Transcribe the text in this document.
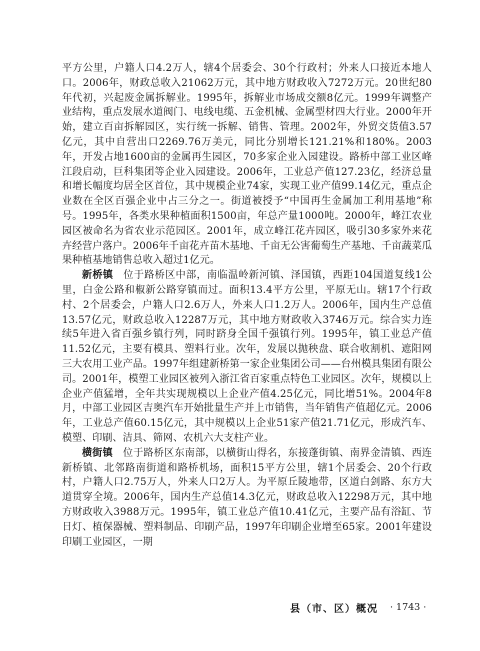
平方公里，户籍人口4.2万人，辖4个居委会、30个行政村；外来人口接近本地人口。2006年，财政总收入21062万元，其中地方财政收入7272万元。20世纪80年代初，兴起废金属拆解业。1995年，拆解业市场成交额8亿元。1999年调整产业结构，重点发展水道阀门、电线电缆、五金机械、金属型材四大行业。2000年开始，建立百亩拆解园区，实行统一拆解、销售、管理。2002年，外贸交货值3.57亿元，其中自营出口2269.76万美元，同比分别增长121.21%和180%。2003年，开发占地1600亩的金属再生园区，70多家企业入园建设。路桥中部工业区峰江段启动，巨科集团等企业入园建设。2006年，工业总产值127.23亿，经济总量和增长幅度均居全区首位，其中规模企业74家，实现工业产值99.14亿元，重点企业数在全区百强企业中占三分之一。街道被授予“中国再生金属加工利用基地”称号。1995年，各类水果种植面积1500亩，年总产量1000吨。2000年，峰江农业园区被命名为省农业示范园区。2001年，成立峰江花卉园区，吸引30多家外来花卉经营户落户。2006年千亩花卉苗木基地、千亩无公害葡萄生产基地、千亩蔬菜瓜果种植基地销售总收入超过1亿元。

新桥镇 位于路桥区中部，南临温岭新河镇、泽国镇，西距104国道复线1公里，白金公路和椒新公路穿镇而过。面积13.4平方公里，平原无山。辖17个行政村、2个居委会，户籍人口2.6万人，外来人口1.2万人。2006年，国内生产总值13.57亿元，财政总收入12287万元，其中地方财政收入3746万元。综合实力连续5年进入省百强乡镇行列，同时跻身全国千强镇行列。1995年，镇工业总产值11.52亿元，主要有模具、塑料行业。次年，发展以抛秧盘、联合收割机、遮阳网三大农用工业产品。1997年组建新桥第一家企业集团公司——台州模具集团有限公司。2001年，模塑工业园区被列入浙江省百家重点特色工业园区。次年，规模以上企业产值猛增，全年共实现规模以上企业产值4.25亿元，同比增51%。2004年8月，中部工业园区吉奥汽车开始批量生产并上市销售，当年销售产值超亿元。2006年，工业总产值60.15亿元，其中规模以上企业51家产值21.71亿元，形成汽车、模塑、印刷、洁具、筛网、农机六大支柱产业。

横街镇 位于路桥区东南部，以横街山得名，东接蓬街镇、南界金清镇、西连新桥镇、北邻路南街道和路桥机场，面积15平方公里，辖1个居委会、20个行政村，户籍人口2.75万人，外来人口2万人。为平原丘陵地带，区道白剑路、东方大道贯穿全境。2006年，国内生产总值14.3亿元，财政总收入12298万元，其中地方财政收入3988万元。1995年，镇工业总产值10.41亿元，主要产品有浴缸、节日灯、植保器械、塑料制品、印刷产品，1997年印刷企业增至65家。2001年建设印刷工业园区，一期

县（市、区）概况 · 1743 ·
